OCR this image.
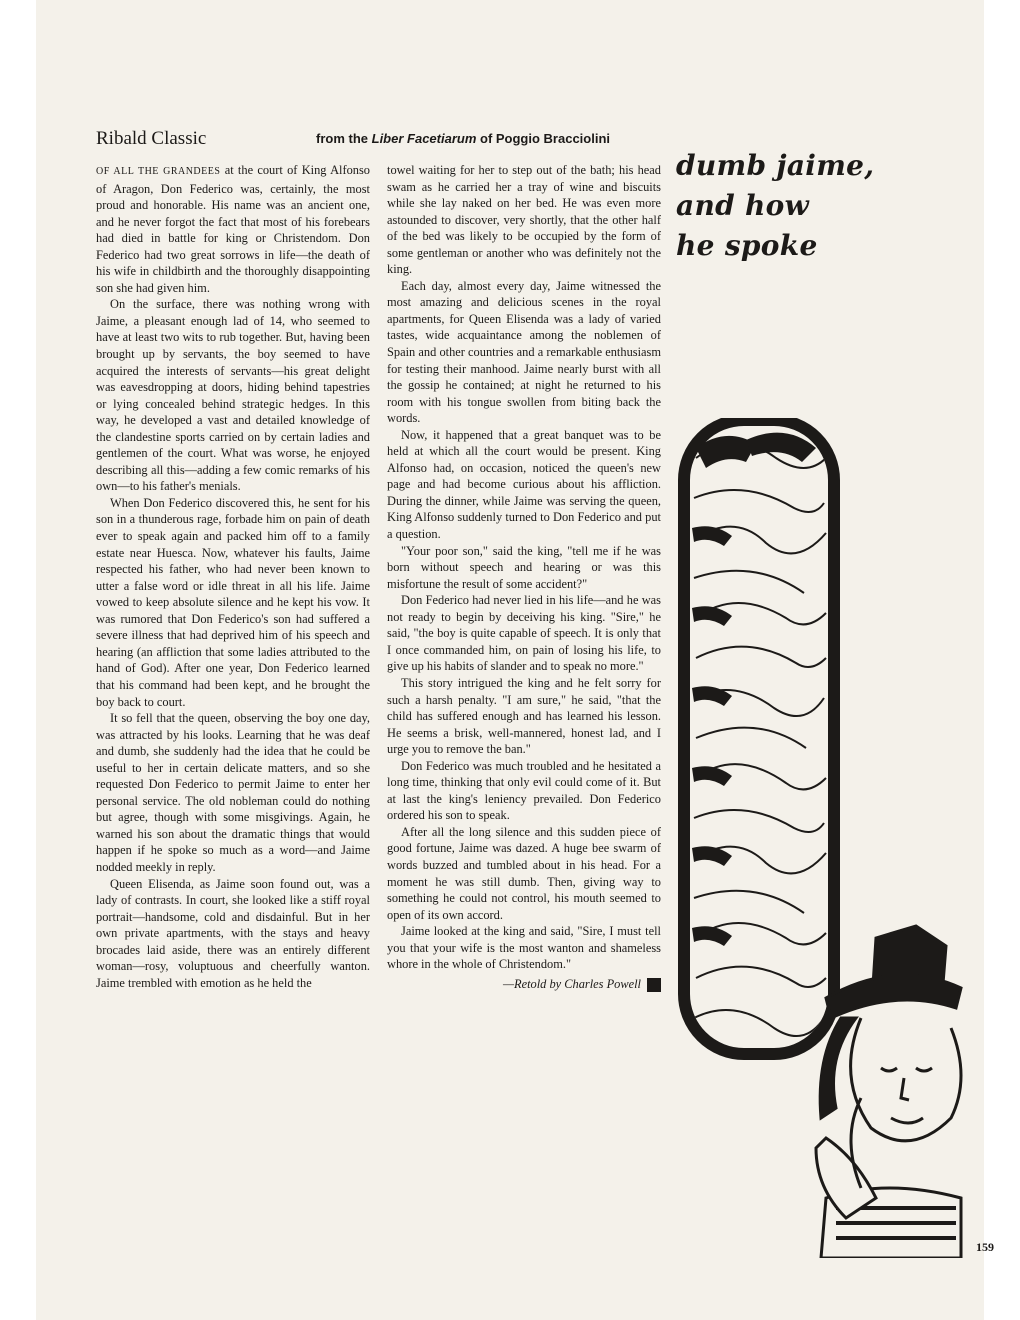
Ribald Classic	from the Liber Facetiarum of Poggio Bracciolini

OF ALL THE GRANDEES at the court of King Alfonso of Aragon, Don Federico was, certainly, the most proud and honorable. His name was an ancient one, and he never forgot the fact that most of his forebears had died in battle for king or Christendom. Don Federico had two great sorrows in life—the death of his wife in childbirth and the thoroughly disappointing son she had given him.

On the surface, there was nothing wrong with Jaime, a pleasant enough lad of 14, who seemed to have at least two wits to rub together. But, having been brought up by servants, the boy seemed to have acquired the interests of servants—his great delight was eavesdropping at doors, hiding behind tapestries or lying concealed behind strategic hedges. In this way, he developed a vast and detailed knowledge of the clandestine sports carried on by certain ladies and gentlemen of the court. What was worse, he enjoyed describing all this—adding a few comic remarks of his own—to his father's menials.

When Don Federico discovered this, he sent for his son in a thunderous rage, forbade him on pain of death ever to speak again and packed him off to a family estate near Huesca. Now, whatever his faults, Jaime respected his father, who had never been known to utter a false word or idle threat in all his life. Jaime vowed to keep absolute silence and he kept his vow. It was rumored that Don Federico's son had suffered a severe illness that had deprived him of his speech and hearing (an affliction that some ladies attributed to the hand of God). After one year, Don Federico learned that his command had been kept, and he brought the boy back to court.

It so fell that the queen, observing the boy one day, was attracted by his looks. Learning that he was deaf and dumb, she suddenly had the idea that he could be useful to her in certain delicate matters, and so she requested Don Federico to permit Jaime to enter her personal service. The old nobleman could do nothing but agree, though with some misgivings. Again, he warned his son about the dramatic things that would happen if he spoke so much as a word—and Jaime nodded meekly in reply.

Queen Elisenda, as Jaime soon found out, was a lady of contrasts. In court, she looked like a stiff royal portrait—handsome, cold and disdainful. But in her own private apartments, with the stays and heavy brocades laid aside, there was an entirely different woman—rosy, voluptuous and cheerfully wanton. Jaime trembled with emotion as he held the

towel waiting for her to step out of the bath; his head swam as he carried her a tray of wine and biscuits while she lay naked on her bed. He was even more astounded to discover, very shortly, that the other half of the bed was likely to be occupied by the form of some gentleman or another who was definitely not the king.

Each day, almost every day, Jaime witnessed the most amazing and delicious scenes in the royal apartments, for Queen Elisenda was a lady of varied tastes, wide acquaintance among the noblemen of Spain and other countries and a remarkable enthusiasm for testing their manhood. Jaime nearly burst with all the gossip he contained; at night he returned to his room with his tongue swollen from biting back the words.

Now, it happened that a great banquet was to be held at which all the court would be present. King Alfonso had, on occasion, noticed the queen's new page and had become curious about his affliction. During the dinner, while Jaime was serving the queen, King Alfonso suddenly turned to Don Federico and put a question.

"Your poor son," said the king, "tell me if he was born without speech and hearing or was this misfortune the result of some accident?"

Don Federico had never lied in his life—and he was not ready to begin by deceiving his king. "Sire," he said, "the boy is quite capable of speech. It is only that I once commanded him, on pain of losing his life, to give up his habits of slander and to speak no more."

This story intrigued the king and he felt sorry for such a harsh penalty. "I am sure," he said, "that the child has suffered enough and has learned his lesson. He seems a brisk, well-mannered, honest lad, and I urge you to remove the ban."

Don Federico was much troubled and he hesitated a long time, thinking that only evil could come of it. But at last the king's leniency prevailed. Don Federico ordered his son to speak.

After all the long silence and this sudden piece of good fortune, Jaime was dazed. A huge bee swarm of words buzzed and tumbled about in his head. For a moment he was still dumb. Then, giving way to something he could not control, his mouth seemed to open of its own accord.

Jaime looked at the king and said, "Sire, I must tell you that your wife is the most wanton and shameless whore in the whole of Christendom."

—Retold by Charles Powell ◆

dumb jaime,
and how
he spoke
159
